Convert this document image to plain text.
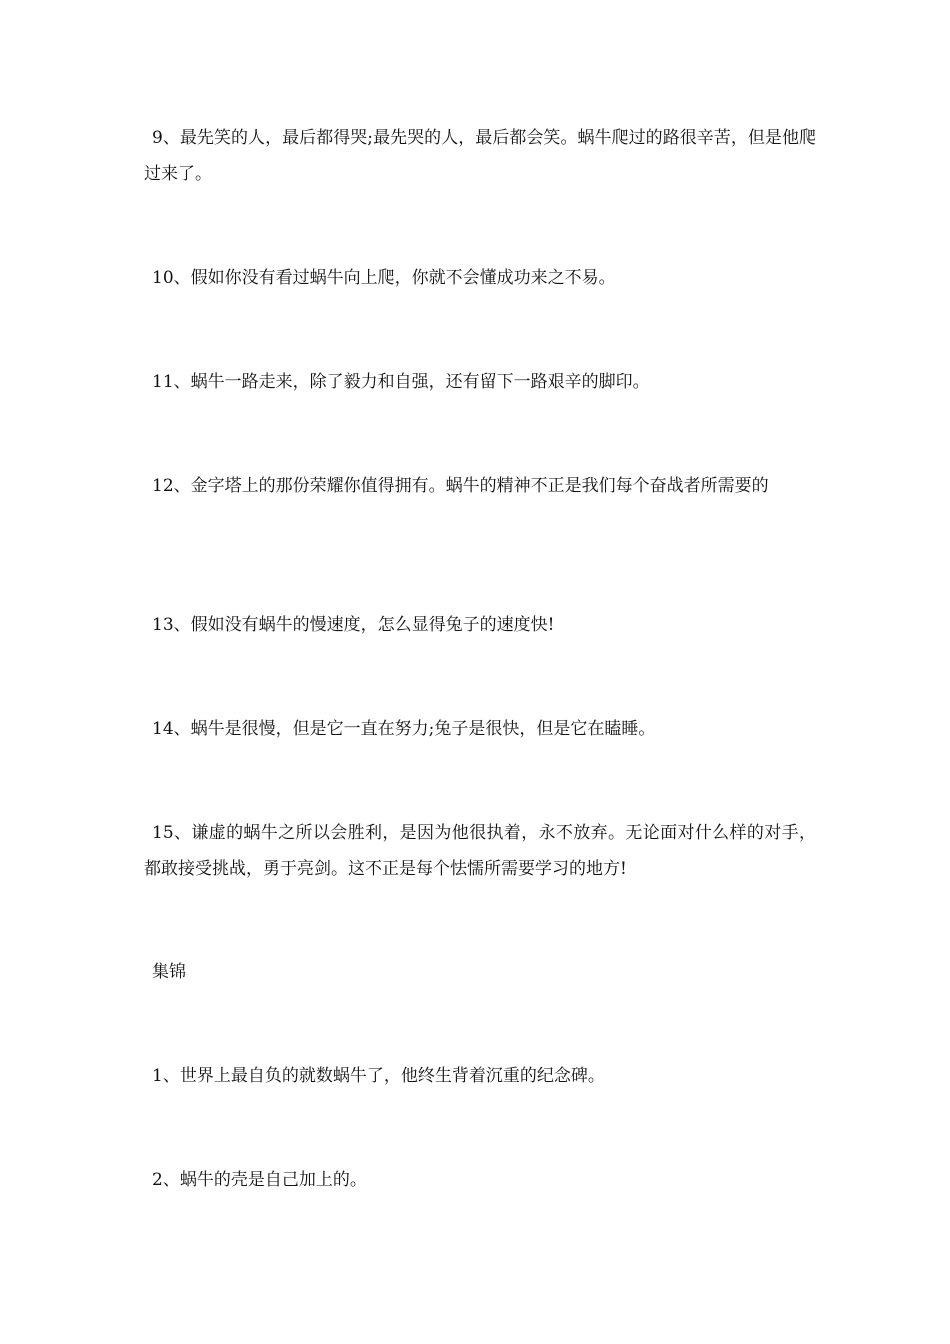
9、最先笑的人，最后都得哭;最先哭的人，最后都会笑。蜗牛爬过的路很辛苦，但是他爬过来了。

10、假如你没有看过蜗牛向上爬，你就不会懂成功来之不易。

11、蜗牛一路走来，除了毅力和自强，还有留下一路艰辛的脚印。

12、金字塔上的那份荣耀你值得拥有。蜗牛的精神不正是我们每个奋战者所需要的

13、假如没有蜗牛的慢速度，怎么显得兔子的速度快!

14、蜗牛是很慢，但是它一直在努力;兔子是很快，但是它在瞌睡。

15、谦虚的蜗牛之所以会胜利，是因为他很执着，永不放弃。无论面对什么样的对手，都敢接受挑战，勇于亮剑。这不正是每个怯懦所需要学习的地方!

集锦

1、世界上最自负的就数蜗牛了，他终生背着沉重的纪念碑。

2、蜗牛的壳是自己加上的。
